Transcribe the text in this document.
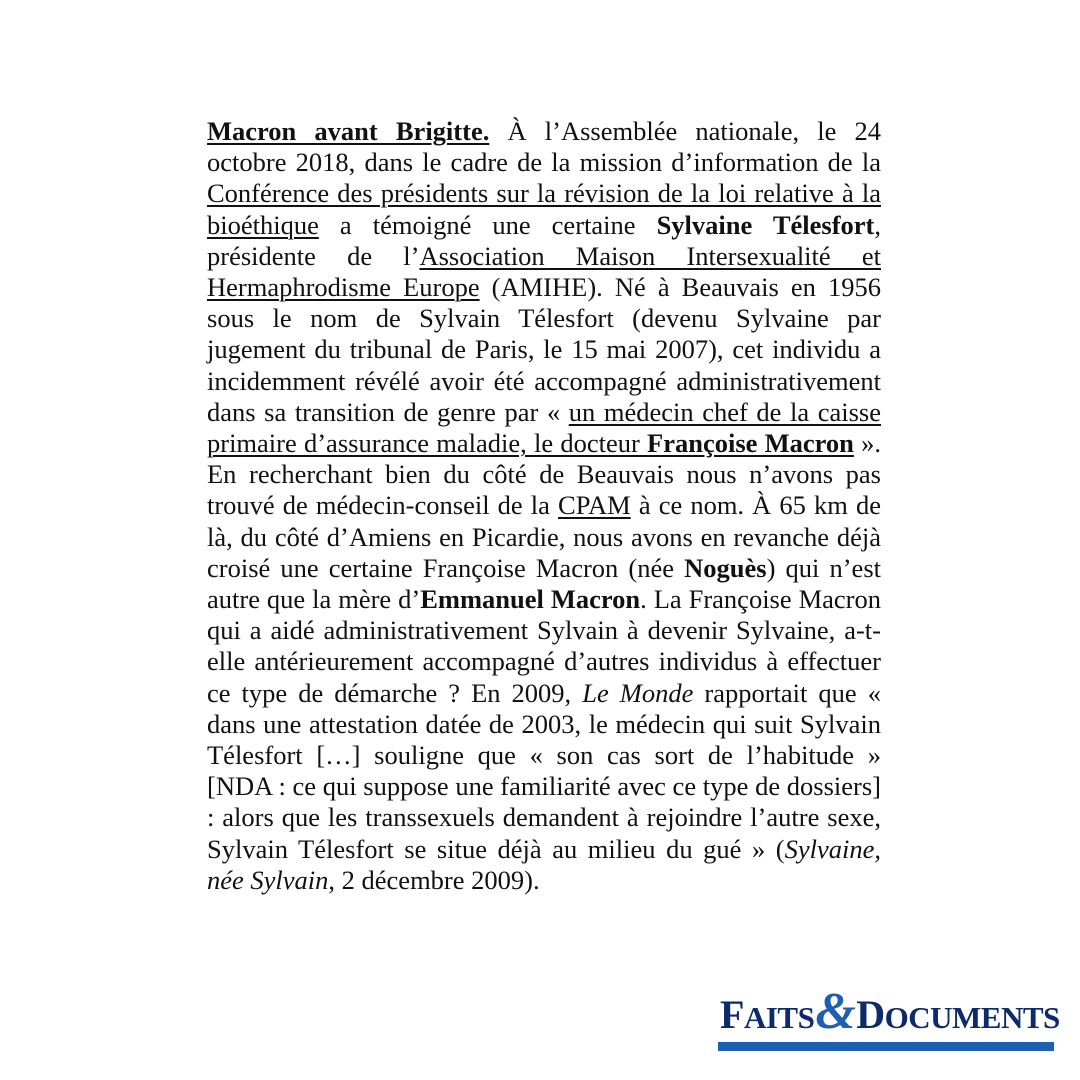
Macron avant Brigitte. À l’Assemblée nationale, le 24 octobre 2018, dans le cadre de la mission d’information de la Conférence des présidents sur la révision de la loi relative à la bioéthique a témoigné une certaine Sylvaine Télesfort, présidente de l’Association Maison Intersexualité et Hermaphrodisme Europe (AMIHE). Né à Beauvais en 1956 sous le nom de Sylvain Télesfort (devenu Sylvaine par jugement du tribunal de Paris, le 15 mai 2007), cet individu a incidemment révélé avoir été accompagné administrativement dans sa transition de genre par « un médecin chef de la caisse primaire d’assurance maladie, le docteur Françoise Macron ». En recherchant bien du côté de Beauvais nous n’avons pas trouvé de médecin-conseil de la CPAM à ce nom. À 65 km de là, du côté d’Amiens en Picardie, nous avons en revanche déjà croisé une certaine Françoise Macron (née Noguès) qui n’est autre que la mère d’Emmanuel Macron. La Françoise Macron qui a aidé administrativement Sylvain à devenir Sylvaine, a-t-elle antérieurement accompagné d’autres individus à effectuer ce type de démarche ? En 2009, Le Monde rapportait que « dans une attestation datée de 2003, le médecin qui suit Sylvain Télesfort […] souligne que « son cas sort de l’habitude » [NDA : ce qui suppose une familiarité avec ce type de dossiers] : alors que les transsexuels demandent à rejoindre l’autre sexe, Sylvain Télesfort se situe déjà au milieu du gué » (Sylvaine, née Sylvain, 2 décembre 2009).

FAITS&DOCUMENTS
